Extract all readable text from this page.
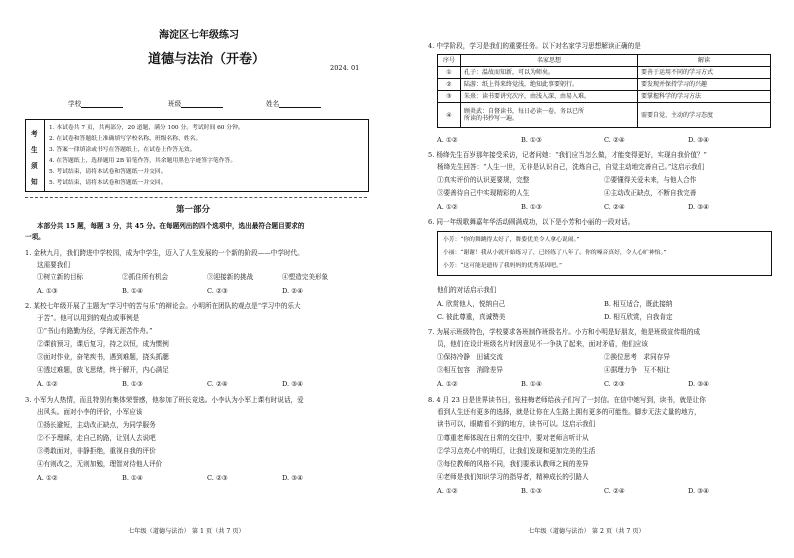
海淀区七年级练习
道德与法治（开卷）
2024. 01
学校	班级	姓名
考
生
须
知
1. 本试卷共 7 页，共两部分，20 道题，满分 100 分。考试时间 60 分钟。
2. 在试卷和答题纸上准确填写学校名称、班级名称、姓名。
3. 答案一律填涂或书写在答题纸上，在试卷上作答无效。
4. 在答题纸上，选择题用 2B 铅笔作答，其余题用黑色字迹签字笔作答。
5. 考试结束，请将本试卷和答题纸一并交回。
5. 考试结束，请将本试卷和答题纸一并交回。
第一部分
本部分共 15 题，每题 3 分，共 45 分。在每题列出的四个选项中，选出最符合题目要求的
一项。
1. 金秋九月，我们跨进中学校园，成为中学生，迈入了人生发展的一个新的阶段——中学时代。
这需要我们
①树立新的目标	②抓住所有机会	③迎接新的挑战	④塑造完美形象
A. ①③	B. ①④	C. ②③	D. ②④
2. 某校七年级开展了主题为“学习中的苦与乐”的辩论会。小明所在团队的观点是“学习中的乐大
于苦”。他可以用到的观点或事例是
①“书山有路勤为径，学海无涯苦作舟。”
②课前预习，课后复习，持之以恒，成为惯例
③面对作业，奋笔疾书，遇到难题，挠头抓腮
④透过难题，放飞思绪，终于解开，内心满足
A. ①②	B. ①③	C. ②④	D. ③④
3. 小军为人热情，而且特别有集体荣誉感，他参加了班长竞选。小李认为小军上课有时说话，爱
出风头。面对小李的评价，小军应该
①扬长避短，主动改正缺点，为同学服务
②不予理睬，走自己的路，让别人去说吧
③勇敢面对，非静拒绝，重视自我的评价
④有则改之，无则加勉，理智对待他人评价
A. ①②	B. ①④	C. ②③	D. ③④
七年级（道德与法治） 第 1 页（共 7 页）
4. 中学阶段，学习是我们的重要任务。以下对名家学习思想解读正确的是
序号	名家思想	解读
①	孔子：温故而知新，可以为师矣。	要善于运用不同的学习方式
②	陆游：纸上得来终觉浅，绝知此事要躬行。	要发现并保持学习的兴趣
③	朱熹：读书要讲究次序，由浅入深、由易入难。	要掌握科学的学习方法
④	顾炎武：自督读书，每日必读一卷，务以已所
所读的书抄写一遍。	需要自觉、主动的学习态度
A. ①②	B. ①③	C. ②④	D. ③④
5. 杨绛先生百岁那年接受采访，记者问她：“我们应当怎么做，才能变得更好，实现自我价值？”
杨绛先生回答：“人生一世，无非是认识自己，洗炼自己，自觉主动地完善自己。”这启示我们
①真实评价的认识更要规，完整	②要懂得关爱未来，与他人合作
③要善待自己中实现精彩的人生	④主动改正缺点，不断自我完善
A. ①②	B. ①③	C. ②④	D. ③④
6. 同一年级歌舞嘉年华活动圆满成功，以下是小芳和小丽的一段对话。
小芳：“你的舞跳得太好了，舞姿优美令人拿心说闹。”
小丽：“谢谢！我从小就开始练习了，已经练了八年了。你的嗓音真好，令人心旷神怡。”
小芳：“这可能是遗传了我妈妈的优秀基因吧。”
他们的对话启示我们
A. 欣赏他人，悦纳自己	B. 相互适合，既此接纳
C. 彼此尊重，真诚赞美	D. 相互欣赏，自我肯定
7. 为展示班级特色，学校要求各班制作班级名片。小方和小明是好朋友，他是班级宣传组的成
员，他们在设计班级名片时因意见不一争执了起来，面对矛盾，他们应该
①保持冷静　田诚交流	②换位思考　求同存异
③相互包容　消除差异	④据理力争　互不相让
A. ①②	B. ①④	C. ②③	D. ③④
8. 4 月 23 日是世界读书日，张桂梅老师给孩子们写了一封信。在信中她写到，读书，就是让你
看到人生还有更多的选择，就是让你在人生路上拥有更多的可能性。脚步无法丈量的地方，
读书可以，眼睛看不到的地方，读书可以。这启示我们
①尊重老师体现在日常的交往中，要对老师言听计从
②学习点亮心中的明灯，让我们发现和更加完美的生活
③每位教师的风格不同，我们要承认教师之间的差异
④老师是我们知识学习的指导者，精神成长的引路人
A. ①②	B. ①③	C. ②④	D. ③④
七年级（道德与法治） 第 2 页（共 7 页）
